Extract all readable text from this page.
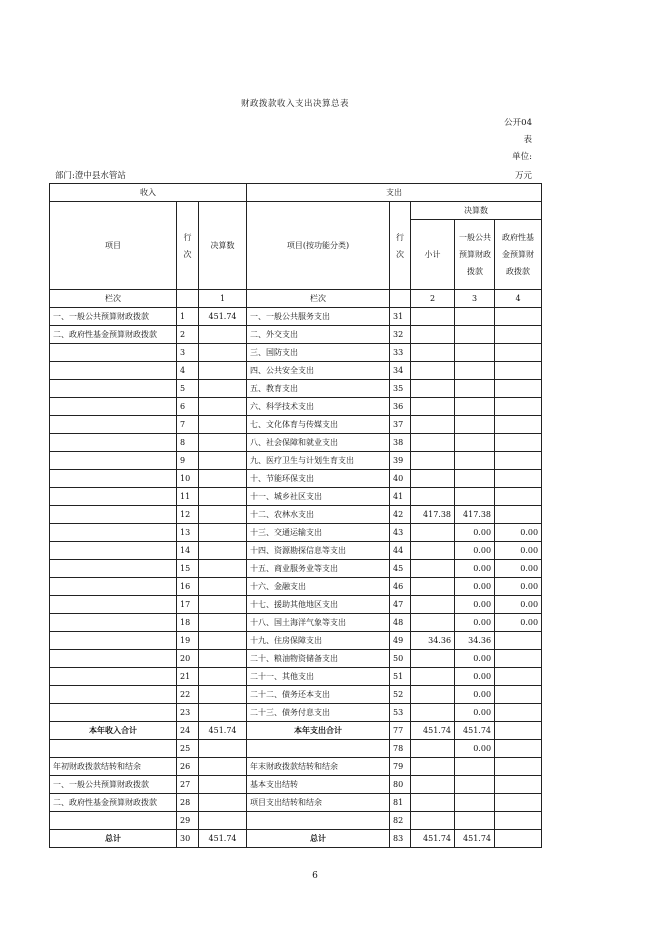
财政拨款收入支出决算总表
公开04
表
单位:
万元
部门:澄中县水管站
收入			支出				
项目	行次	决算数	项目(按功能分类)	行次	决算数		
					小计	一般公共预算财政拨款	政府性基金预算财政拨款
栏次		1	栏次		2	3	4
一、一般公共预算财政拨款	1	451.74	一、一般公共服务支出	31			
二、政府性基金预算财政拨款	2		二、外交支出	32			
	3		三、国防支出	33			
	4		四、公共安全支出	34			
	5		五、教育支出	35			
	6		六、科学技术支出	36			
	7		七、文化体育与传媒支出	37			
	8		八、社会保障和就业支出	38			
	9		九、医疗卫生与计划生育支出	39			
	10		十、节能环保支出	40			
	11		十一、城乡社区支出	41			
	12		十二、农林水支出	42	417.38	417.38	
	13		十三、交通运输支出	43		0.00	0.00
	14		十四、资源勘探信息等支出	44		0.00	0.00
	15		十五、商业服务业等支出	45		0.00	0.00
	16		十六、金融支出	46		0.00	0.00
	17		十七、援助其他地区支出	47		0.00	0.00
	18		十八、国土海洋气象等支出	48		0.00	0.00
	19		十九、住房保障支出	49	34.36	34.36	
	20		二十、粮油物资储备支出	50		0.00	
	21		二十一、其他支出	51		0.00	
	22		二十二、债务还本支出	52		0.00	
	23		二十三、债务付息支出	53		0.00	
本年收入合计	24	451.74	本年支出合计	77	451.74	451.74	
	25			78		0.00	
年初财政拨款结转和结余	26		年末财政拨款结转和结余	79			
一、一般公共预算财政拨款	27		基本支出结转	80			
二、政府性基金预算财政拨款	28		项目支出结转和结余	81			
	29			82			
总计	30	451.74	总计	83	451.74	451.74	
6
